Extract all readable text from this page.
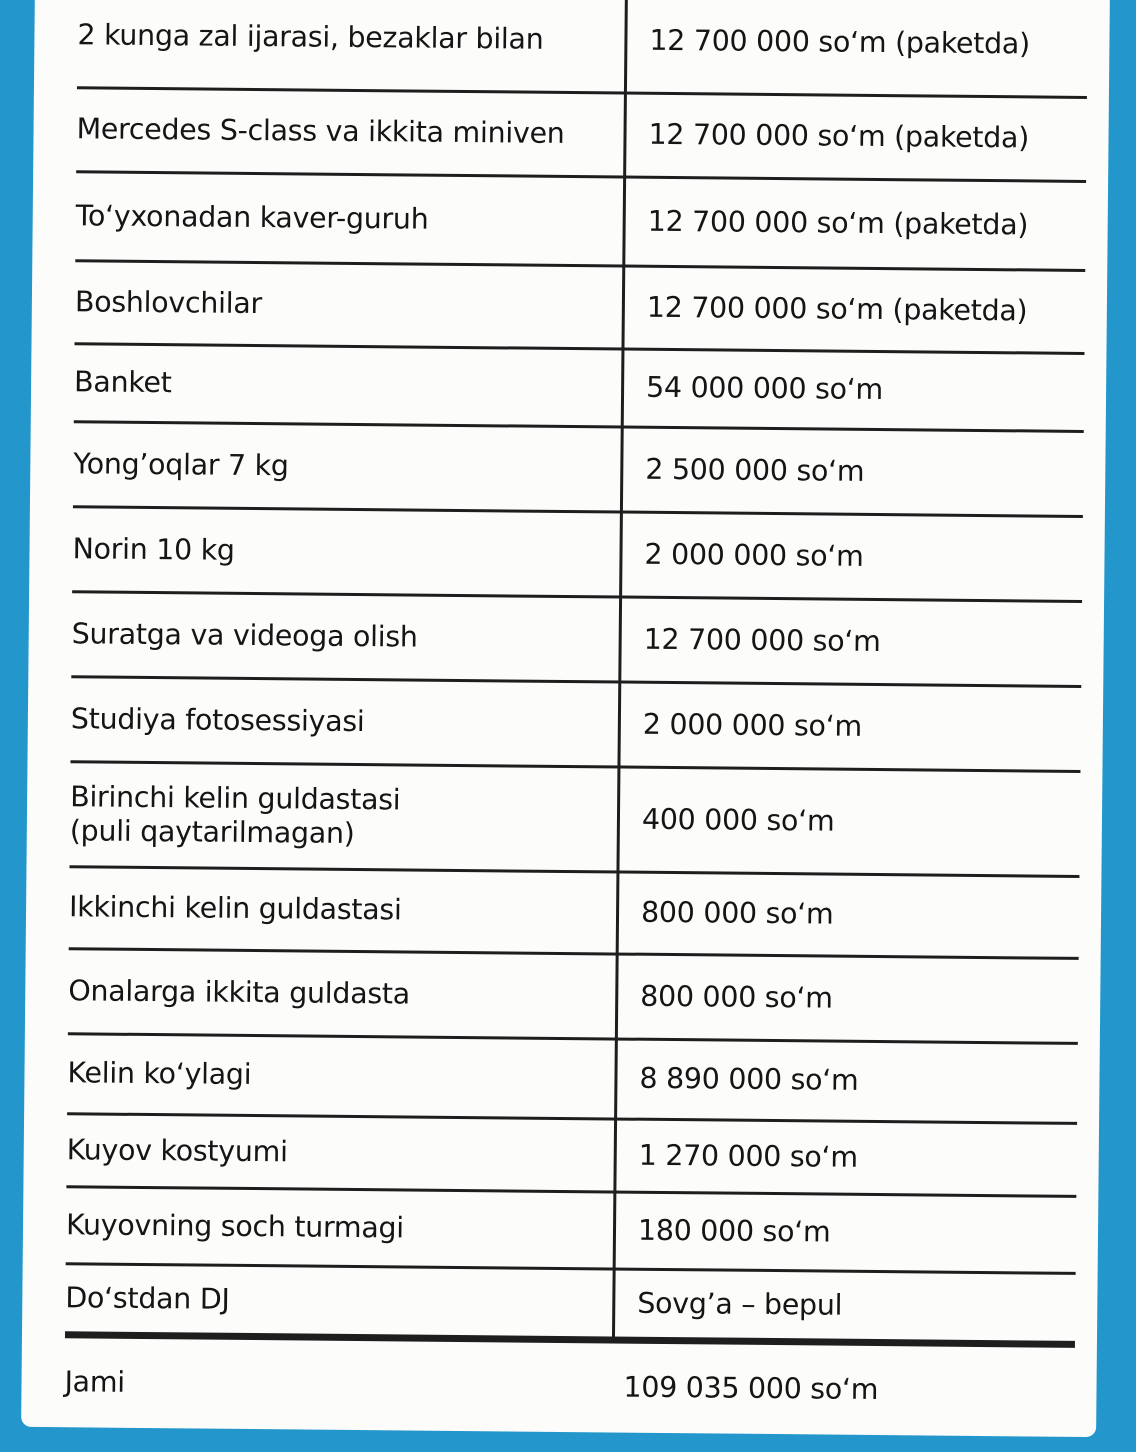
2 kunga zal ijarasi, bezaklar bilan	12 700 000 soʻm (paketda)
Mercedes S-class va ikkita miniven	12 700 000 soʻm (paketda)
Toʻyxonadan kaver-guruh	12 700 000 soʻm (paketda)
Boshlovchilar	12 700 000 soʻm (paketda)
Banket	54 000 000 soʻm
Yong’oqlar 7 kg	2 500 000 soʻm
Norin 10 kg	2 000 000 soʻm
Suratga va videoga olish	12 700 000 soʻm
Studiya fotosessiyasi	2 000 000 soʻm
Birinchi kelin guldastasi
(puli qaytarilmagan)	400 000 soʻm
Ikkinchi kelin guldastasi	800 000 soʻm
Onalarga ikkita guldasta	800 000 soʻm
Kelin koʻylagi	8 890 000 soʻm
Kuyov kostyumi	1 270 000 soʻm
Kuyovning soch turmagi	180 000 soʻm
Doʻstdan DJ	Sovg’a – bepul
Jami	109 035 000 soʻm
